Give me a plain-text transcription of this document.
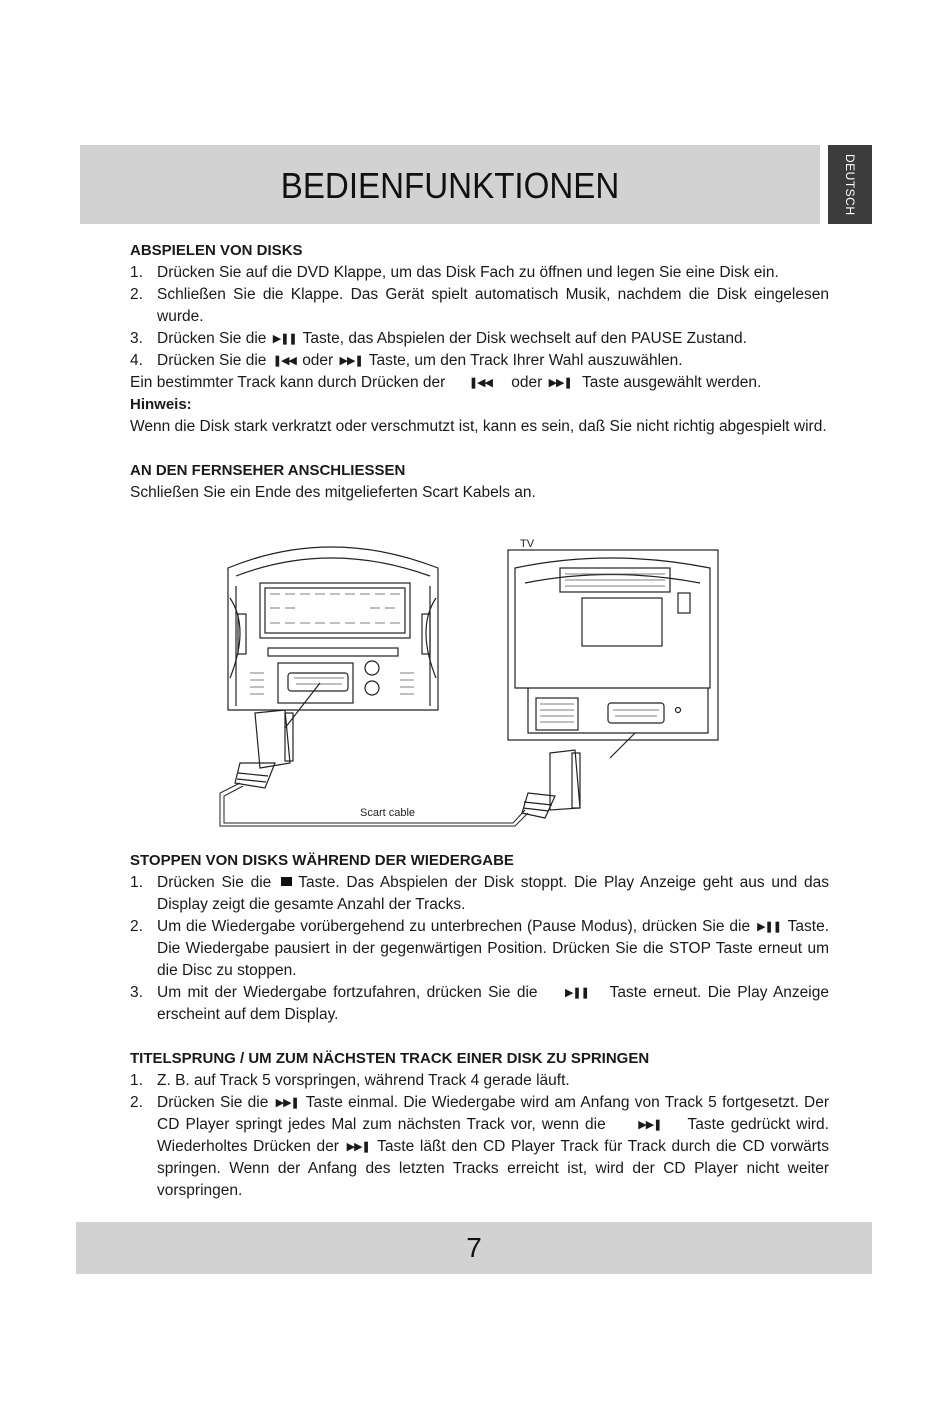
BEDIENFUNKTIONEN	DEUTSCH

ABSPIELEN VON DISKS

1. Drücken Sie auf die DVD Klappe, um das Disk Fach zu öffnen und legen Sie eine Disk ein.
2. Schließen Sie die Klappe. Das Gerät spielt automatisch Musik, nachdem die Disk eingelesen wurde.
3. Drücken Sie die ▶❚❚ Taste, das Abspielen der Disk wechselt auf den PAUSE Zustand.
4. Drücken Sie die ❚◀◀ oder ▶▶❚ Taste, um den Track Ihrer Wahl auszuwählen.

Ein bestimmter Track kann durch Drücken der ❚◀◀ oder ▶▶❚ Taste ausgewählt werden.

Hinweis:

Wenn die Disk stark verkratzt oder verschmutzt ist, kann es sein, daß Sie nicht richtig abgespielt wird.

AN DEN FERNSEHER ANSCHLIESSEN

Schließen Sie ein Ende des mitgelieferten Scart Kabels an.

TV
Scart cable

STOPPEN VON DISKS WÄHREND DER WIEDERGABE

1. Drücken Sie die Taste. Das Abspielen der Disk stoppt. Die Play Anzeige geht aus und das Display zeigt die gesamte Anzahl der Tracks.
2. Um die Wiedergabe vorübergehend zu unterbrechen (Pause Modus), drücken Sie die ▶❚❚ Taste. Die Wiedergabe pausiert in der gegenwärtigen Position. Drücken Sie die STOP Taste erneut um die Disc zu stoppen.
3. Um mit der Wiedergabe fortzufahren, drücken Sie die ▶❚❚ Taste erneut. Die Play Anzeige erscheint auf dem Display.

TITELSPRUNG / UM ZUM NÄCHSTEN TRACK EINER DISK ZU SPRINGEN

1. Z. B. auf Track 5 vorspringen, während Track 4 gerade läuft.
2. Drücken Sie die ▶▶❚ Taste einmal. Die Wiedergabe wird am Anfang von Track 5 fortgesetzt. Der CD Player springt jedes Mal zum nächsten Track vor, wenn die	▶▶❚ Taste gedrückt wird. Wiederholtes Drücken der ▶▶❚ Taste läßt den CD Player Track für Track durch die CD vorwärts springen. Wenn der Anfang des letzten Tracks erreicht ist, wird der CD Player nicht weiter vorspringen.
7
